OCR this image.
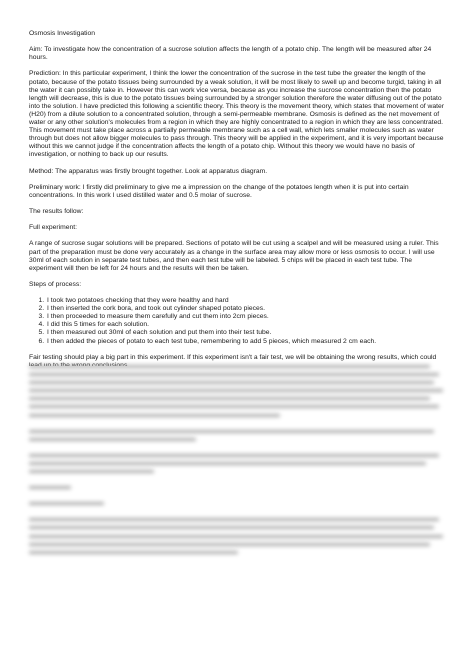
Osmosis Investigation

Aim: To investigate how the concentration of a sucrose solution affects the length of a potato chip. The length will be measured after 24 hours.

Prediction: In this particular experiment, I think the lower the concentration of the sucrose in the test tube the greater the length of the potato, because of the potato tissues being surrounded by a weak solution, it will be most likely to swell up and become turgid, taking in all the water it can possibly take in. However this can work vice versa, because as you increase the sucrose concentration then the potato length will decrease, this is due to the potato tissues being surrounded by a stronger solution therefore the water diffusing out of the potato into the solution. I have predicted this following a scientific theory. This theory is the movement theory, which states that movement of water (H20) from a dilute solution to a concentrated solution, through a semi-permeable membrane. Osmosis is defined as the net movement of water or any other solution's molecules from a region in which they are highly concentrated to a region in which they are less concentrated. This movement must take place across a partially permeable membrane such as a cell wall, which lets smaller molecules such as water through but does not allow bigger molecules to pass through. This theory will be applied in the experiment, and it is very important because without this we cannot judge if the concentration affects the length of a potato chip. Without this theory we would have no basis of investigation, or nothing to back up our results.

Method: The apparatus was firstly brought together. Look at apparatus diagram.

Preliminary work: I firstly did preliminary to give me a impression on the change of the potatoes length when it is put into certain concentrations. In this work I used distilled water and 0.5 molar of sucrose.

The results follow:

Full experiment:

A range of sucrose sugar solutions will be prepared. Sections of potato will be cut using a scalpel and will be measured using a ruler. This part of the preparation must be done very accurately as a change in the surface area may allow more or less osmosis to occur. I will use 30ml of each solution in separate test tubes, and then each test tube will be labeled. 5 chips will be placed in each test tube. The experiment will then be left for 24 hours and the results will then be taken.

Steps of process:

1. I took two potatoes checking that they were healthy and hard
2. I then inserted the cork bora, and took out cylinder shaped potato pieces.
3. I then proceeded to measure them carefully and cut them into 2cm pieces.
4. I did this 5 times for each solution.
5. I then measured out 30ml of each solution and put them into their test tube.
6. I then added the pieces of potato to each test tube, remembering to add 5 pieces, which measured 2 cm each.

Fair testing should play a big part in this experiment. If this experiment isn't a fair test, we will be obtaining the wrong results, which could
